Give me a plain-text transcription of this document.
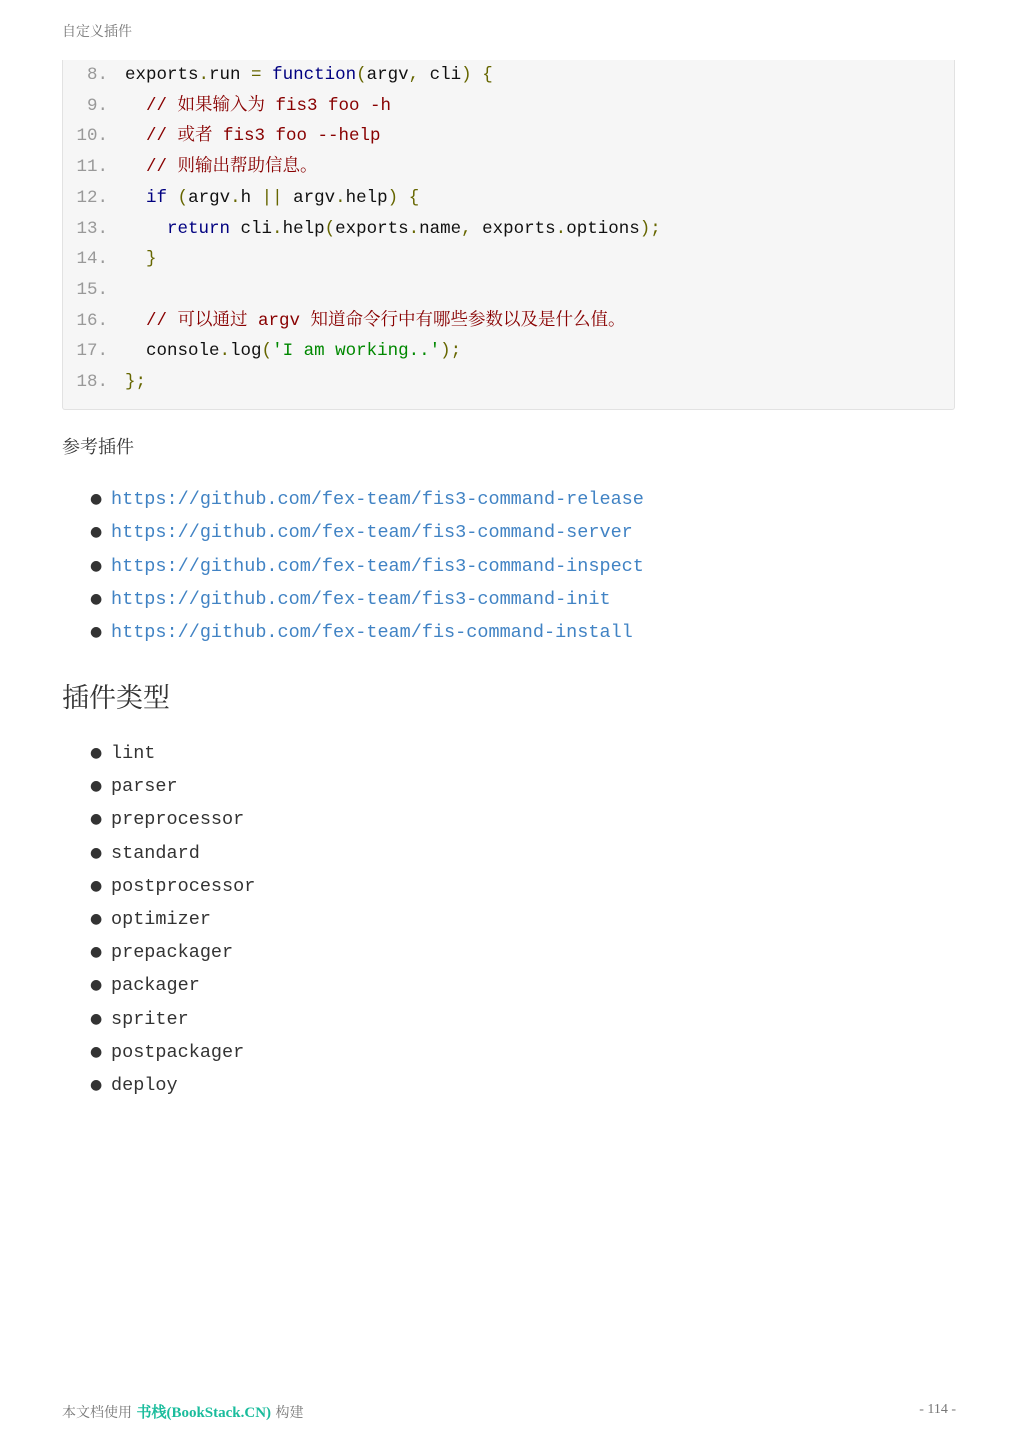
自定义插件
8. exports.run = function(argv, cli) {
9.	// 如果输入为 fis3 foo -h
10.	// 或者 fis3 foo --help
11.	// 则输出帮助信息。
12.	if (argv.h || argv.help) {
13.	return cli.help(exports.name, exports.options);
14.	}
15.
16.	// 可以通过 argv 知道命令行中有哪些参数以及是什么值。
17. console.log('I am working..');
18. };
参考插件
● https://github.com/fex-team/fis3-command-release
● https://github.com/fex-team/fis3-command-server
● https://github.com/fex-team/fis3-command-inspect
● https://github.com/fex-team/fis3-command-init
● https://github.com/fex-team/fis-command-install
插件类型
● lint
● parser
● preprocessor
● standard
● postprocessor
● optimizer
● prepackager
● packager
● spriter
● postpackager
● deploy
本文档使用 书栈(BookStack.CN) 构建	- 114 -
